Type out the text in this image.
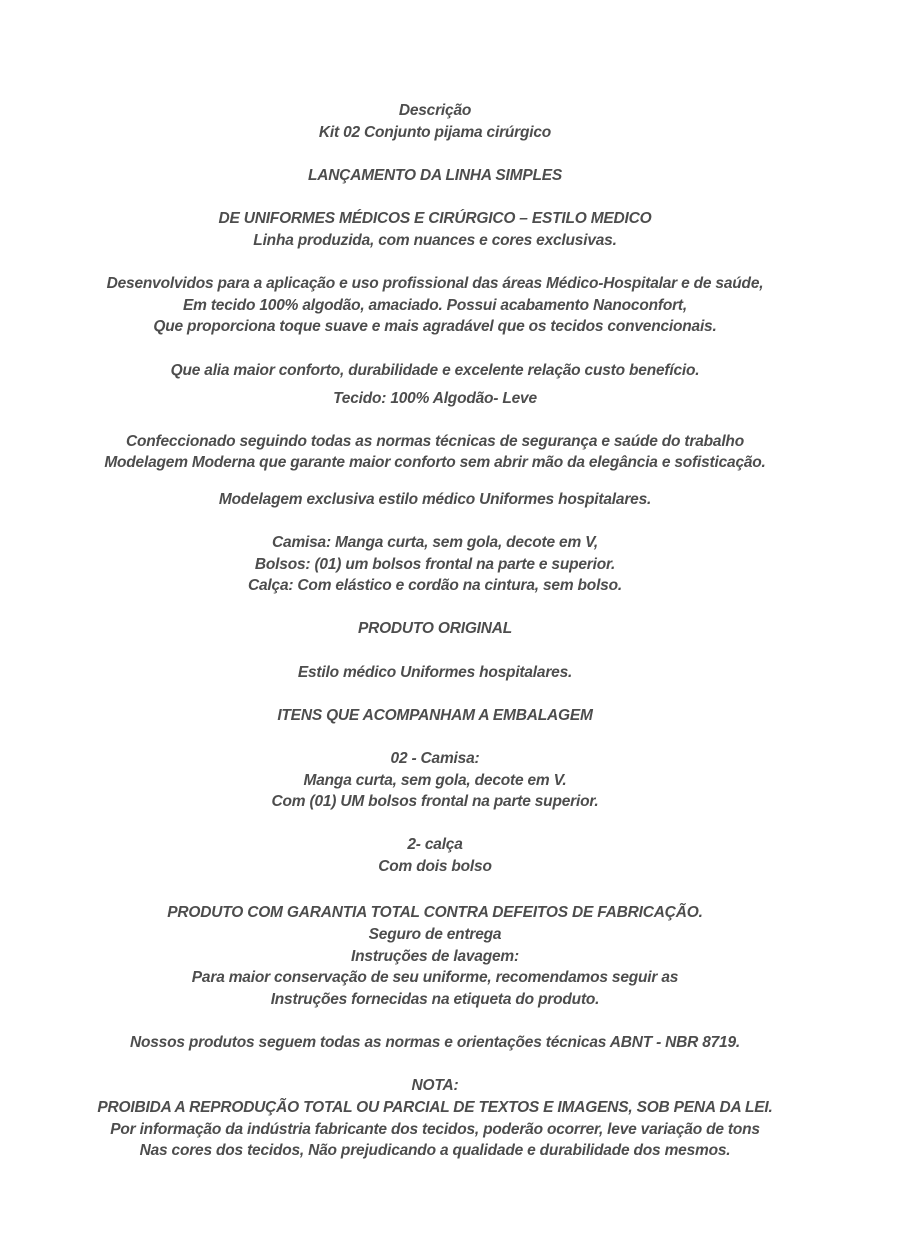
Descrição
Kit 02 Conjunto pijama cirúrgico
LANÇAMENTO DA LINHA SIMPLES
DE UNIFORMES MÉDICOS E CIRÚRGICO – ESTILO MEDICO
Linha produzida, com nuances e cores exclusivas.
Desenvolvidos para a aplicação e uso profissional das áreas Médico-Hospitalar e de saúde,
Em tecido 100% algodão, amaciado. Possui acabamento Nanoconfort,
Que proporciona toque suave e mais agradável que os tecidos convencionais.
Que alia maior conforto, durabilidade e excelente relação custo benefício.
Tecido: 100% Algodão- Leve
Confeccionado seguindo todas as normas técnicas de segurança e saúde do trabalho
Modelagem Moderna que garante maior conforto sem abrir mão da elegância e sofisticação.
Modelagem exclusiva estilo médico Uniformes hospitalares.
Camisa: Manga curta, sem gola, decote em V,
Bolsos: (01) um bolsos frontal na parte e superior.
Calça: Com elástico e cordão na cintura, sem bolso.
PRODUTO ORIGINAL
Estilo médico Uniformes hospitalares.
ITENS QUE ACOMPANHAM A EMBALAGEM
02 - Camisa:
Manga curta, sem gola, decote em V.
Com (01) UM bolsos frontal na parte superior.
2- calça
Com dois bolso
PRODUTO COM GARANTIA TOTAL CONTRA DEFEITOS DE FABRICAÇÃO.
Seguro de entrega
Instruções de lavagem:
Para maior conservação de seu uniforme, recomendamos seguir as
Instruções fornecidas na etiqueta do produto.
Nossos produtos seguem todas as normas e orientações técnicas ABNT - NBR 8719.
NOTA:
PROIBIDA A REPRODUÇÃO TOTAL OU PARCIAL DE TEXTOS E IMAGENS, SOB PENA DA LEI.
Por informação da indústria fabricante dos tecidos, poderão ocorrer, leve variação de tons
Nas cores dos tecidos, Não prejudicando a qualidade e durabilidade dos mesmos.
